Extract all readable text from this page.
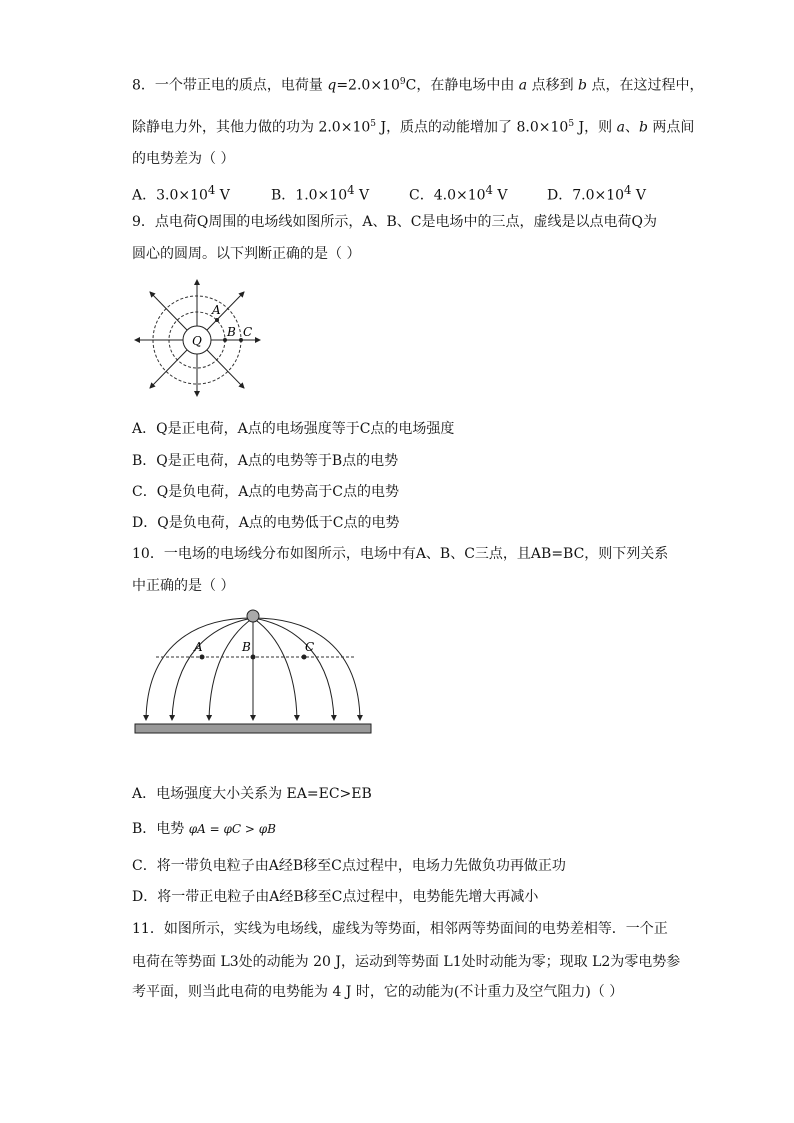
8．一个带正电的质点，电荷量 $q=2.0\times 10^9C$，在静电场中由 a 点移到 b 点，在这过程中，
除静电力外，其他力做的功为 $2.0\times 10^5$ J，质点的动能增加了 $8.0\times 10^5$ J，则 a、b 两点间
的电势差为（ ）
A．$3.0\times 10^4$ V	B．$1.0\times 10^4$ V	C．$4.0\times 10^4$ V	D．$7.0\times 10^4$ V
9．点电荷Q周围的电场线如图所示，A、B、C是电场中的三点，虚线是以点电荷Q为
圆心的圆周。以下判断正确的是（ ）
Q
A
B C
A．Q是正电荷，A点的电场强度等于C点的电场强度
B．Q是正电荷，A点的电势等于B点的电势
C．Q是负电荷，A点的电势高于C点的电势
D．Q是负电荷，A点的电势低于C点的电势
10．一电场的电场线分布如图所示，电场中有A、B、C三点，且AB=BC，则下列关系
中正确的是（ ）
A	B	C
A．电场强度大小关系为 EA=EC>EB
B．电势 φA = φC > φB
C．将一带负电粒子由A经B移至C点过程中，电场力先做负功再做正功
D．将一带正电粒子由A经B移至C点过程中，电势能先增大再减小
11．如图所示，实线为电场线，虚线为等势面，相邻两等势面间的电势差相等．一个正
电荷在等势面 L3处的动能为 20 J，运动到等势面 L1处时动能为零；现取 L2为零电势参
考平面，则当此电荷的电势能为 4 J 时，它的动能为(不计重力及空气阻力)（ ）
